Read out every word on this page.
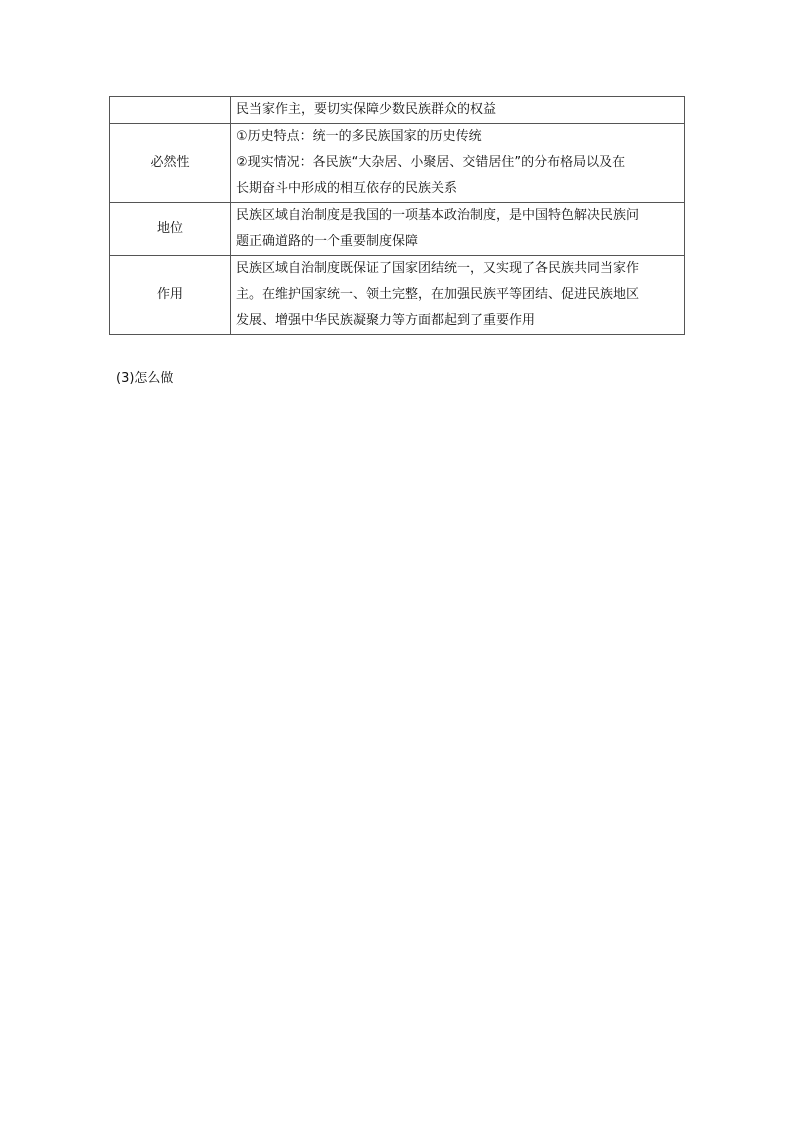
	民当家作主，要切实保障少数民族群众的权益

必然性	①历史特点：统一的多民族国家的历史传统
②现实情况：各民族“大杂居、小聚居、交错居住”的分布格局以及在
长期奋斗中形成的相互依存的民族关系

地位	民族区域自治制度是我国的一项基本政治制度，是中国特色解决民族问
题正确道路的一个重要制度保障

作用	民族区域自治制度既保证了国家团结统一，又实现了各民族共同当家作
主。在维护国家统一、领土完整，在加强民族平等团结、促进民族地区
发展、增强中华民族凝聚力等方面都起到了重要作用
(3)怎么做
